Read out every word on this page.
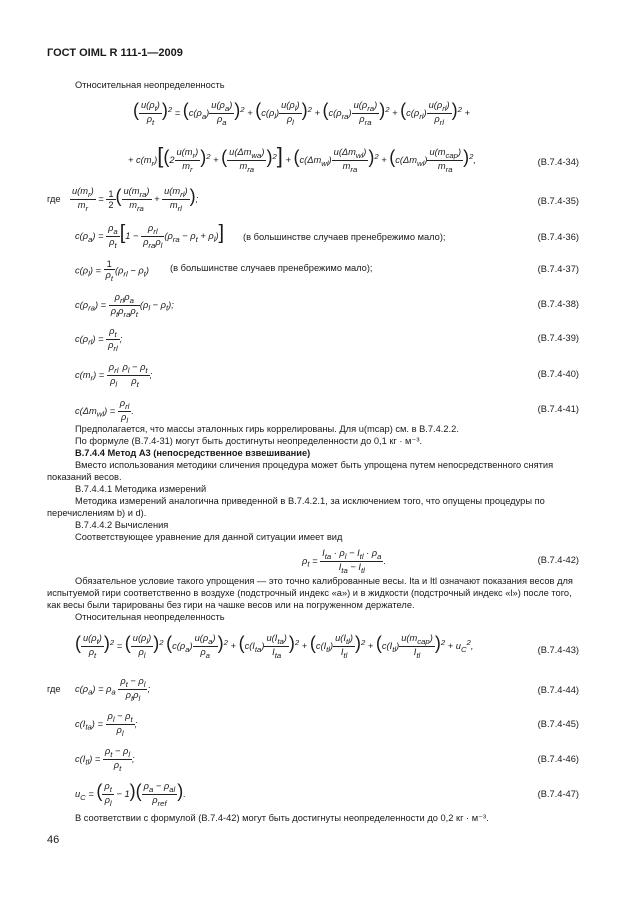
ГОСТ OIML R 111-1—2009
Относительная неопределенность
( $\frac{u(\rho_t)}{\rho_t} )^2 = (c(\rho_a) \frac{u(\rho_a)}{\rho_a} )^2 + (c(\rho_l) \frac{u(\rho_l)}{\rho_l} )^2 + (c(\rho_{ra})$
$u(\rho_{ra})$
$\rho_{ra}$
)$^2 + (c(\rho_{rl})$
$u(\rho_{rl})$
$\rho_{rl}$
)$^2$ +
+ $c(m_r)[(2 \frac{u(m_r)}{m_r} )^2$ + ( $u(\Delta m_{wa})$
$m_{ra}$
)$^2] + (c(\Delta m_{wl})$
$u(\Delta m_{wl})$
$m_{ra}$
)$^2 + (c(\Delta m_{wl})$
$u(m_{cap})$
$m_{ra}$
)$^2$,	(B.7.4-34)
где $\frac{u(m_r)}{m_r} = \frac{1}{2}$ ( $u(m_{ra})$
$m_{ra}$
+
$u(m_{rl})$
$m_{rl}$
);	(B.7.4-35)
$c(\rho_a) = \frac{\rho_a}{\rho_t} [1$ −
$\rho_{rl}$
$\rho_{ra}\rho_l$
$(\rho_{ra} - \rho_t + \rho_l)$] (в большинстве случаев пренебрежимо мало);	(B.7.4-36)
$c(\rho_l) = \frac{1}{\rho_t} (\rho_{rl} - \rho_t)$ (в большинстве случаев пренебрежимо мало);	(B.7.4-37)
$c(\rho_{ra})$ =
$\rho_{rl}\rho_a$
$\rho_t\rho_{ra}\rho_t$
$(\rho_l - \rho_t)$;	(B.7.4-38)
$c(\rho_{rl})$ =
$\rho_t$
$\rho_{rl}$
;	(B.7.4-39)
$c(m_r)$ =
$\rho_{rl}$
$\rho_l \frac{\rho_l - \rho_t}{\rho_t}$ ;	(B.7.4-40)
$c(\Delta m_{wl})$ =
$\rho_{rl}$
$\rho_l$
.	(B.7.4-41)
Предполагается, что массы эталонных гирь коррелированы. Для u(mcap) см. в B.7.4.2.2.
По формуле (B.7.4-31) могут быть достигнуты неопределенности до 0,1 кг · м⁻³.
B.7.4.4 Метод A3 (непосредственное взвешивание)
Вместо использования методики сличения процедура может быть упрощена путем непосредственного снятия показаний весов.
B.7.4.4.1 Методика измерений
Методика измерений аналогична приведенной в B.7.4.2.1, за исключением того, что опущены процедуры по перечислениям b) и d).
B.7.4.4.2 Вычисления
Соответствующее уравнение для данной ситуации имеет вид
$\rho_t$ =
$I_{ta} \cdot \rho_l - I_{tl} \cdot \rho_a$
$I_{ta} - I_{tl}$
.	(B.7.4-42)
Обязательное условие такого упрощения — это точно калиброванные весы. Ita и Itl означают показания весов для испытуемой гири соответственно в воздухе (подстрочный индекс «a») и в жидкости (подстрочный индекс «l») после того, как весы были тарированы без гири на чашке весов или на погруженном держателе.
Относительная неопределенность
( $\frac{u(\rho_t)}{\rho_t} )^2$ = ( $\frac{u(\rho_l)}{\rho_l} )^2$ $(c(\rho_a) \frac{u(\rho_a)}{\rho_a} )^2 + (c(I_{ta})$
$u(I_{ta})$
$I_{ta}$
)$^2 + (c(I_{tl})$
$u(I_{tl})$
$I_{tl}$
)$^2 + (c(I_{tl})$
$u(m_{cap})$
$I_{tl}$
)$^2 + u_C^2$,	(B.7.4-43)
где $c(\rho_a) = \rho_a$
$\rho_t - \rho_l$
$\rho_t\rho_l$
;	(B.7.4-44)
$c(I_{ta}) = \frac{\rho_l - \rho_t}{\rho_l}$ ;	(B.7.4-45)
$c(I_{tl}) = \frac{\rho_t - \rho_l}{\rho_t}$ ;	(B.7.4-46)
$u_C$ = ( $\frac{\rho_t}{\rho_l} - 1$)( $\rho_a - \rho_{al}$
$\rho_{ref}$
).	(B.7.4-47)
В соответствии с формулой (B.7.4-42) могут быть достигнуты неопределенности до 0,2 кг · м⁻³.
46
